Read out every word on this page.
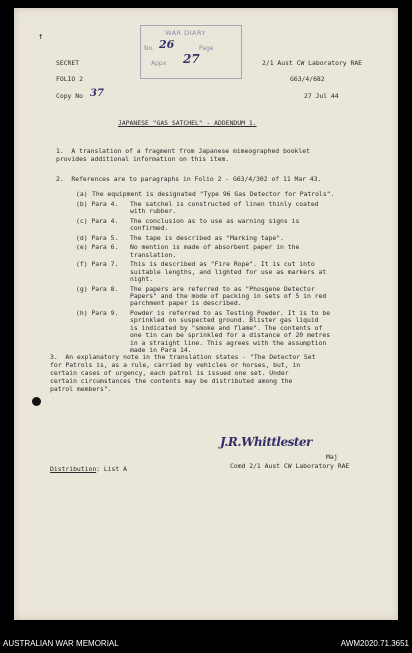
↑	WAR DIARY
No. 26	Page
Appx 27
SECRET	2/1 Aust CW Laboratory RAE
FOLIO 2	G63/4/682
Copy No 37	27 Jul 44
JAPANESE "GAS SATCHEL" - ADDENDUM 1.
1.  A translation of a fragment from Japanese mimeographed booklet
provides additional information on this item.
2.  References are to paragraphs in Folio 2 - G63/4/302 of 11 Mar 43.
(a) The equipment is designated "Type 96 Gas Detector for Patrols".
(b) Para 4. The satchel is constructed of linen thinly coated
with rubber.
(c) Para 4. The conclusion as to use as warning signs is
confirmed.
(d) Para 5. The tape is described as "Marking tape".
(e) Para 6. No mention is made of absorbent paper in the
translation.
(f) Para 7. This is described as "Fire Rope". It is cut into
suitable lengths, and lighted for use as markers at
night.
(g) Para 8. The papers are referred to as "Phosgene Detector
Papers" and the mode of packing in sets of 5 in red
parchment paper is described.
(h) Para 9. Powder is referred to as Testing Powder. It is to be
sprinkled on suspected ground. Blister gas liquid
is indicated by "smoke and flame". The contents of
one tin can be sprinkled for a distance of 20 metres
in a straight line. This agrees with the assumption
made in Para 14.
3.  An explanatory note in the translation states - "The Detector Set
for Patrols is, as a rule, carried by vehicles or horses, but, in
certain cases of urgency, each patrol is issued one set. Under
certain circumstances the contents may be distributed among the
patrol members".
J.R.Whittlester
Maj
Comd 2/1 Aust CW Laboratory RAE
Distribution: List A
AUSTRALIAN WAR MEMORIAL	AWM2020.71.3651
